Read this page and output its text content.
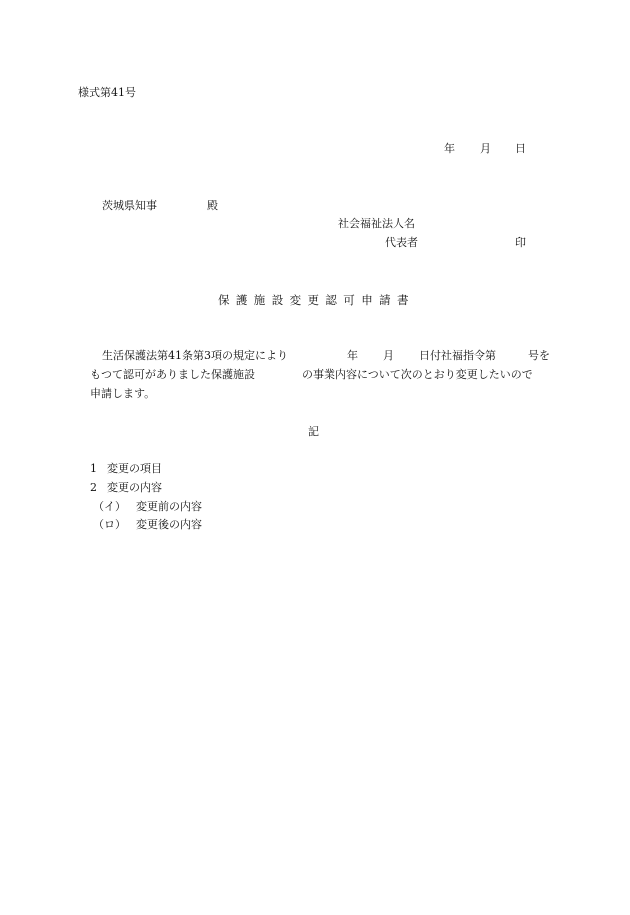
様式第41号
年 月 日
茨城県知事	殿
社会福祉法人名
代表者	印
保 護 施 設 変 更 認 可 申 請 書
生活保護法第41条第3項の規定により	年 月 日付社福指令第	号を
もつて認可がありました保護施設	の事業内容について次のとおり変更したいので
申請します。
記
1 変更の項目
2 変更の内容
（イ） 変更前の内容
（ロ） 変更後の内容
